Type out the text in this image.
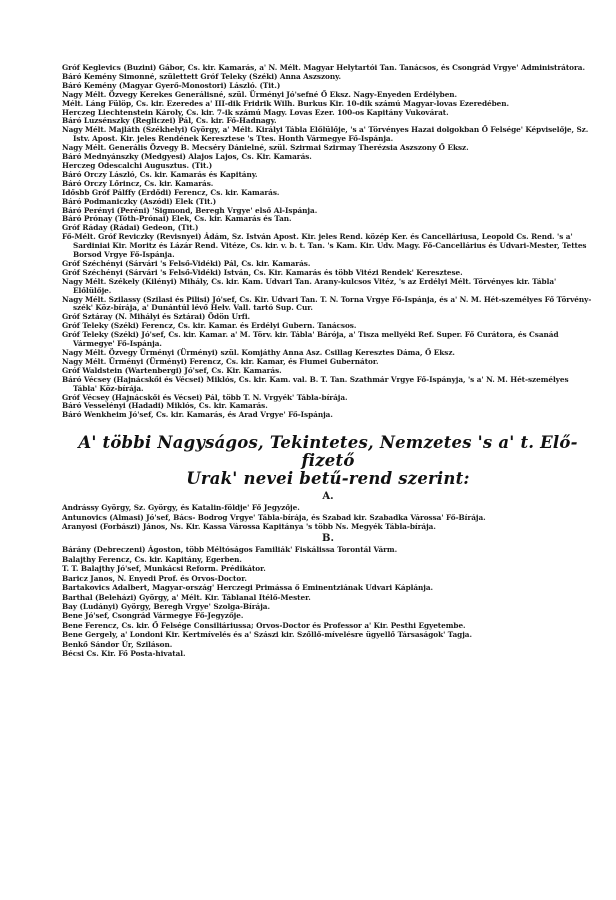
Gróf Keglevics (Buzini) Gábor, Cs. kir. Kamarás, a' N. Mélt. Magyar Helytartói Tan. Tanácsos, és Csongrád Vrgye' Administrátora.
Báró Kemény Simonné, születtett Gróf Teleky (Széki) Anna Aszszony.
Báró Kemény (Magyar Gyerő-Monostori) László. (Tit.)
Nagy Mélt. Özvegy Kerekes Generálisné, szül. Ürményi Jó'sefné Ő Eksz. Nagy-Enyeden Erdélyben.
Mélt. Láng Fülöp, Cs. kir. Ezeredes a' III-dik Fridrik Wilh. Burkus Kir. 10-dik számú Magyar-lovas Ezeredében.
Herczeg Liechtenstein Károly, Cs. kir. 7-ik számú Magy. Lovas Ezer. 100-os Kapitány Vukovárat.
Báró Luzsénszky (Regliczei) Pál, Cs. kir. Fő-Hadnagy.
Nagy Mélt. Majláth (Székhelyi) György, a' Mélt. Királyi Tábla Előlülője, 's a' Törvényes Hazai dolgokban Ő Felsége' Képviselője, Sz. Istv. Apost. Kir. jeles Rendének Keresztese 's Ttes. Honth Vármegye Fő-Ispánja.
Nagy Mélt. Generális Özvegy B. Mecséry Dánielné, szül. Szirmai Szirmay Therézsia Aszszony Ő Eksz.
Báró Mednyánszky (Medgyesi) Alajos Lajos, Cs. Kir. Kamarás.
Herczeg Odescalchi Augusztus. (Tit.)
Báró Orczy László, Cs. kir. Kamarás és Kapitány.
Báró Orczy Lőrincz, Cs. kir. Kamarás.
Idősbb Gróf Pálffy (Erdődi) Ferencz, Cs. kir. Kamarás.
Báró Podmaniczky (Aszódi) Elek (Tit.)
Báró Perényi (Peréni) 'Sigmond, Beregh Vrgye' első Al-Ispánja.
Báró Prónay (Tóth-Prónai) Elek, Cs. kir. Kamarás és Tan.
Gróf Ráday (Rádai) Gedeon, (Tit.)
Fő-Mélt. Gróf Reviczky (Revisnyei) Ádám, Sz. István Apost. Kir. jeles Rend. közép Ker. és Cancelláriusa, Leopold Cs. Rend. 's a' Sardiniai Kir. Moritz és Lázár Rend. Vitéze, Cs. kir. v. b. t. Tan. 's Kam. Kir. Udv. Magy. Fő-Cancellárius és Udvari-Mester, Tettes Borsod Vrgye Fő-Ispánja.
Gróf Széchényi (Sárvári 's Felső-Vidéki) Pál, Cs. kir. Kamarás.
Gróf Széchényi (Sárvári 's Felső-Vidéki) István, Cs. Kir. Kamarás és több Vitézi Rendek' Keresztese.
Nagy Mélt. Székely (Kilényi) Mihály, Cs. kir. Kam. Udvari Tan. Arany-kulcsos Vitéz, 's az Erdélyi Mélt. Törvényes kir. Tábla' Előlülője.
Nagy Mélt. Szilassy (Szilasi és Pilisi) Jó'sef, Cs. Kir. Udvari Tan. T. N. Torna Vrgye Fő-Ispánja, és a' N. M. Hét-személyes Fő Törvény-szék' Köz-bírája, a' Dunántúl lévő Helv. Vall. tartó Sup. Cur.
Gróf Sztáray (N. Mihályi és Sztárai) Ödön Urfi.
Gróf Teleky (Széki) Ferencz, Cs. kir. Kamar. és Erdélyi Gubern. Tanácsos.
Gróf Teleky (Széki) Jó'sef, Cs. kir. Kamar. a' M. Törv. kir. Tábla' Bárója, a' Tisza mellyéki Ref. Super. Fő Curátora, és Csanád Vármegye' Fő-Ispánja.
Nagy Mélt. Özvegy Ürményi (Ürményi) szül. Komjáthy Anna Asz. Csillag Keresztes Dáma, Ő Eksz.
Nagy Mélt. Ürményi (Ürményi) Ferencz, Cs. kir. Kamar, és Fiumei Gubernátor.
Gróf Waldstein (Wartenbergi) Jó'sef, Cs. Kir. Kamarás.
Báró Vécsey (Hajnácskői és Vécsei) Miklós, Cs. kir. Kam. val. B. T. Tan. Szathmár Vrgye Fő-Ispányja, 's a' N. M. Hét-személyes Tábla' Köz-bírája.
Gróf Vécsey (Hajnácskői és Vécsei) Pál, több T. N. Vrgyék' Tábla-bírája.
Báró Vesselényi (Hadadi) Miklós, Cs. kir. Kamarás.
Báró Wenkheim Jó'sef, Cs. kir. Kamarás, és Arad Vrgye' Fő-Ispánja.
A' többi Nagyságos, Tekintetes, Nemzetes 's a' t. Elő-fizető
Urak' nevei betű-rend szerint:
A.
Andrássy György, Sz. György, és Katalin-földje' Fő Jegyzője.
Antunovics (Almasi) Jó'sef, Bács- Bodrog Vrgye' Tábla-bírája, és Szabad kir. Szabadka Várossa' Fő-Bírája.
Aranyosi (Forbászi) János, Ns. Kir. Kassa Várossa Kapitánya 's több Ns. Megyék Tábla-bírája.
B.
Bárány (Debreczeni) Ágoston, több Méltóságos Familiák' Fiskálissa Torontál Várm.
Balajthy Ferencz, Cs. kir. Kapitány, Egerben.
T. T. Balajthy Jó'sef, Munkácsi Reform. Prédikátor.
Baricz Janos, N. Enyedi Prof. és Orvos-Doctor.
Bartakovics Adalbert, Magyar-ország' Herczegi Primássa ő Eminentziának Udvari Káplánja.
Barthal (Beleházi) György, a' Mélt. Kir. Táblanal Itélő-Mester.
Bay (Ludányi) György, Beregh Vrgye' Szolga-Bírája.
Bene Jó'sef, Csongrád Vármegye Fő-Jegyzője.
Bene Ferencz, Cs. kir. Ő Felsége Consiliáriussa; Orvos-Doctor és Professor a' Kir. Pesthi Egyetembe.
Bene Gergely, a' Londoni Kir. Kertmívelés és a' Szászi kir. Szőllő-mívelésre ügyellő Társaságok' Tagja.
Benkő Sándor Úr, Sziláson.
Bécsi Cs. Kir. Fő Posta-hivatal.
